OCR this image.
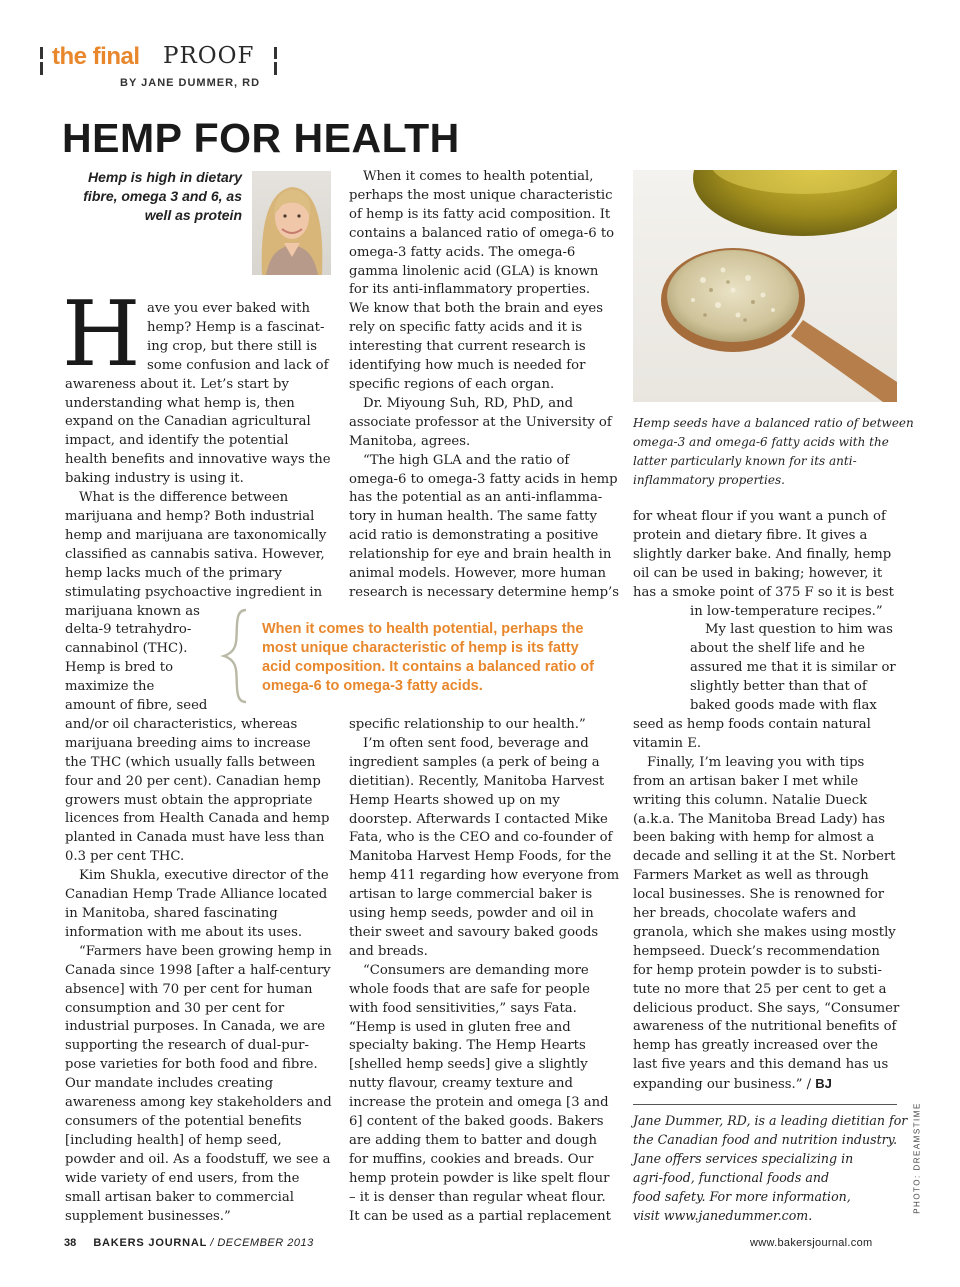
the final PROOF
BY JANE DUMMER, RD
HEMP FOR HEALTH
Hemp is high in dietary fibre, omega 3 and 6, as well as protein
H ave you ever baked with
hemp? Hemp is a fascinat-
ing crop, but there still is
some confusion and lack of
awareness about it. Let’s start by
understanding what hemp is, then
expand on the Canadian agricultural
impact, and identify the potential
health benefits and innovative ways the
baking industry is using it.

What is the difference between
marijuana and hemp? Both industrial
hemp and marijuana are taxonomically
classified as cannabis sativa. However,
hemp lacks much of the primary
stimulating psychoactive ingredient in
marijuana known as
delta-9 tetrahydro-
cannabinol (THC).
Hemp is bred to
maximize the
amount of fibre, seed
and/or oil characteristics, whereas
marijuana breeding aims to increase
the THC (which usually falls between
four and 20 per cent). Canadian hemp
growers must obtain the appropriate
licences from Health Canada and hemp
planted in Canada must have less than
0.3 per cent THC.

Kim Shukla, executive director of the
Canadian Hemp Trade Alliance located
in Manitoba, shared fascinating
information with me about its uses.

“Farmers have been growing hemp in
Canada since 1998 [after a half-century
absence] with 70 per cent for human
consumption and 30 per cent for
industrial purposes. In Canada, we are
supporting the research of dual-pur-
pose varieties for both food and fibre.
Our mandate includes creating
awareness among key stakeholders and
consumers of the potential benefits
[including health] of hemp seed,
powder and oil. As a foodstuff, we see a
wide variety of end users, from the
small artisan baker to commercial
supplement businesses.”

When it comes to health potential,
perhaps the most unique characteristic
of hemp is its fatty acid composition. It
contains a balanced ratio of omega-6 to
omega-3 fatty acids. The omega-6
gamma linolenic acid (GLA) is known
for its anti-inflammatory properties.
We know that both the brain and eyes
rely on specific fatty acids and it is
interesting that current research is
identifying how much is needed for
specific regions of each organ.

Dr. Miyoung Suh, RD, PhD, and
associate professor at the University of
Manitoba, agrees.

“The high GLA and the ratio of
omega-6 to omega-3 fatty acids in hemp
has the potential as an anti-inflamma-
tory in human health. The same fatty
acid ratio is demonstrating a positive
relationship for eye and brain health in
animal models. However, more human
research is necessary determine hemp’s

When it comes to health potential, perhaps the
most unique characteristic of hemp is its fatty
acid composition. It contains a balanced ratio of
omega-6 to omega-3 fatty acids.

specific relationship to our health.”

I’m often sent food, beverage and
ingredient samples (a perk of being a
dietitian). Recently, Manitoba Harvest
Hemp Hearts showed up on my
doorstep. Afterwards I contacted Mike
Fata, who is the CEO and co-founder of
Manitoba Harvest Hemp Foods, for the
hemp 411 regarding how everyone from
artisan to large commercial baker is
using hemp seeds, powder and oil in
their sweet and savoury baked goods
and breads.

“Consumers are demanding more
whole foods that are safe for people
with food sensitivities,” says Fata.
“Hemp is used in gluten free and
specialty baking. The Hemp Hearts
[shelled hemp seeds] give a slightly
nutty flavour, creamy texture and
increase the protein and omega [3 and
6] content of the baked goods. Bakers
are adding them to batter and dough
for muffins, cookies and breads. Our
hemp protein powder is like spelt flour
– it is denser than regular wheat flour.
It can be used as a partial replacement

Hemp seeds have a balanced ratio of between
omega-3 and omega-6 fatty acids with the
latter particularly known for its anti-
inflammatory properties.

for wheat flour if you want a punch of
protein and dietary fibre. It gives a
slightly darker bake. And finally, hemp
oil can be used in baking; however, it
has a smoke point of 375 F so it is best
in low-temperature recipes.”

My last question to him was
about the shelf life and he
assured me that it is similar or
slightly better than that of
baked goods made with flax
seed as hemp foods contain natural
vitamin E.

Finally, I’m leaving you with tips
from an artisan baker I met while
writing this column. Natalie Dueck
(a.k.a. The Manitoba Bread Lady) has
been baking with hemp for almost a
decade and selling it at the St. Norbert
Farmers Market as well as through
local businesses. She is renowned for
her breads, chocolate wafers and
granola, which she makes using mostly
hempseed. Dueck’s recommendation
for hemp protein powder is to substi-
tute no more that 25 per cent to get a
delicious product. She says, “Consumer
awareness of the nutritional benefits of
hemp has greatly increased over the
last five years and this demand has us
expanding our business.” / BJ

Jane Dummer, RD, is a leading dietitian for
the Canadian food and nutrition industry.
Jane offers services specializing in
agri-food, functional foods and
food safety. For more information,
visit www.janedummer.com.
PHOTO: DREAMSTIME
38 BAKERS JOURNAL / DECEMBER 2013	www.bakersjournal.com
